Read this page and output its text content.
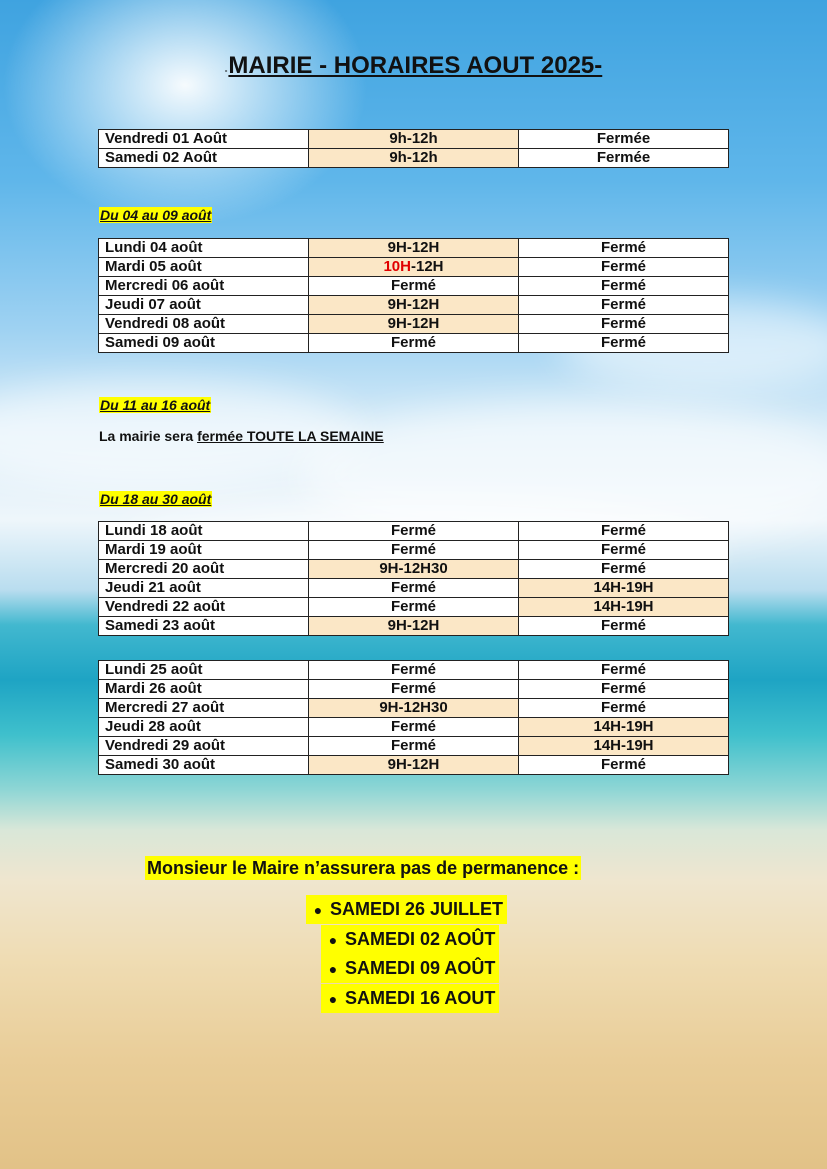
-MAIRIE - HORAIRES AOUT 2025-
Vendredi 01 Août	9h-12h	Fermée
Samedi 02 Août	9h-12h	Fermée
Du 04 au 09 août
Lundi 04 août	9H-12H	Fermé
Mardi 05 août	10H-12H	Fermé
Mercredi 06 août	Fermé	Fermé
Jeudi 07 août	9H-12H	Fermé
Vendredi 08 août	9H-12H	Fermé
Samedi 09 août	Fermé	Fermé
Du 11 au 16 août
La mairie sera fermée TOUTE LA SEMAINE
Du 18 au 30 août
Lundi 18 août	Fermé	Fermé
Mardi 19 août	Fermé	Fermé
Mercredi 20 août	9H-12H30	Fermé
Jeudi 21 août	Fermé	14H-19H
Vendredi 22 août	Fermé	14H-19H
Samedi 23 août	9H-12H	Fermé
Lundi 25 août	Fermé	Fermé
Mardi 26 août	Fermé	Fermé
Mercredi 27 août	9H-12H30	Fermé
Jeudi 28 août	Fermé	14H-19H
Vendredi 29 août	Fermé	14H-19H
Samedi 30 août	9H-12H	Fermé
Monsieur le Maire n’assurera pas de permanence :
● SAMEDI 26 JUILLET
● SAMEDI 02 AOÛT
● SAMEDI 09 AOÛT
● SAMEDI 16 AOUT
